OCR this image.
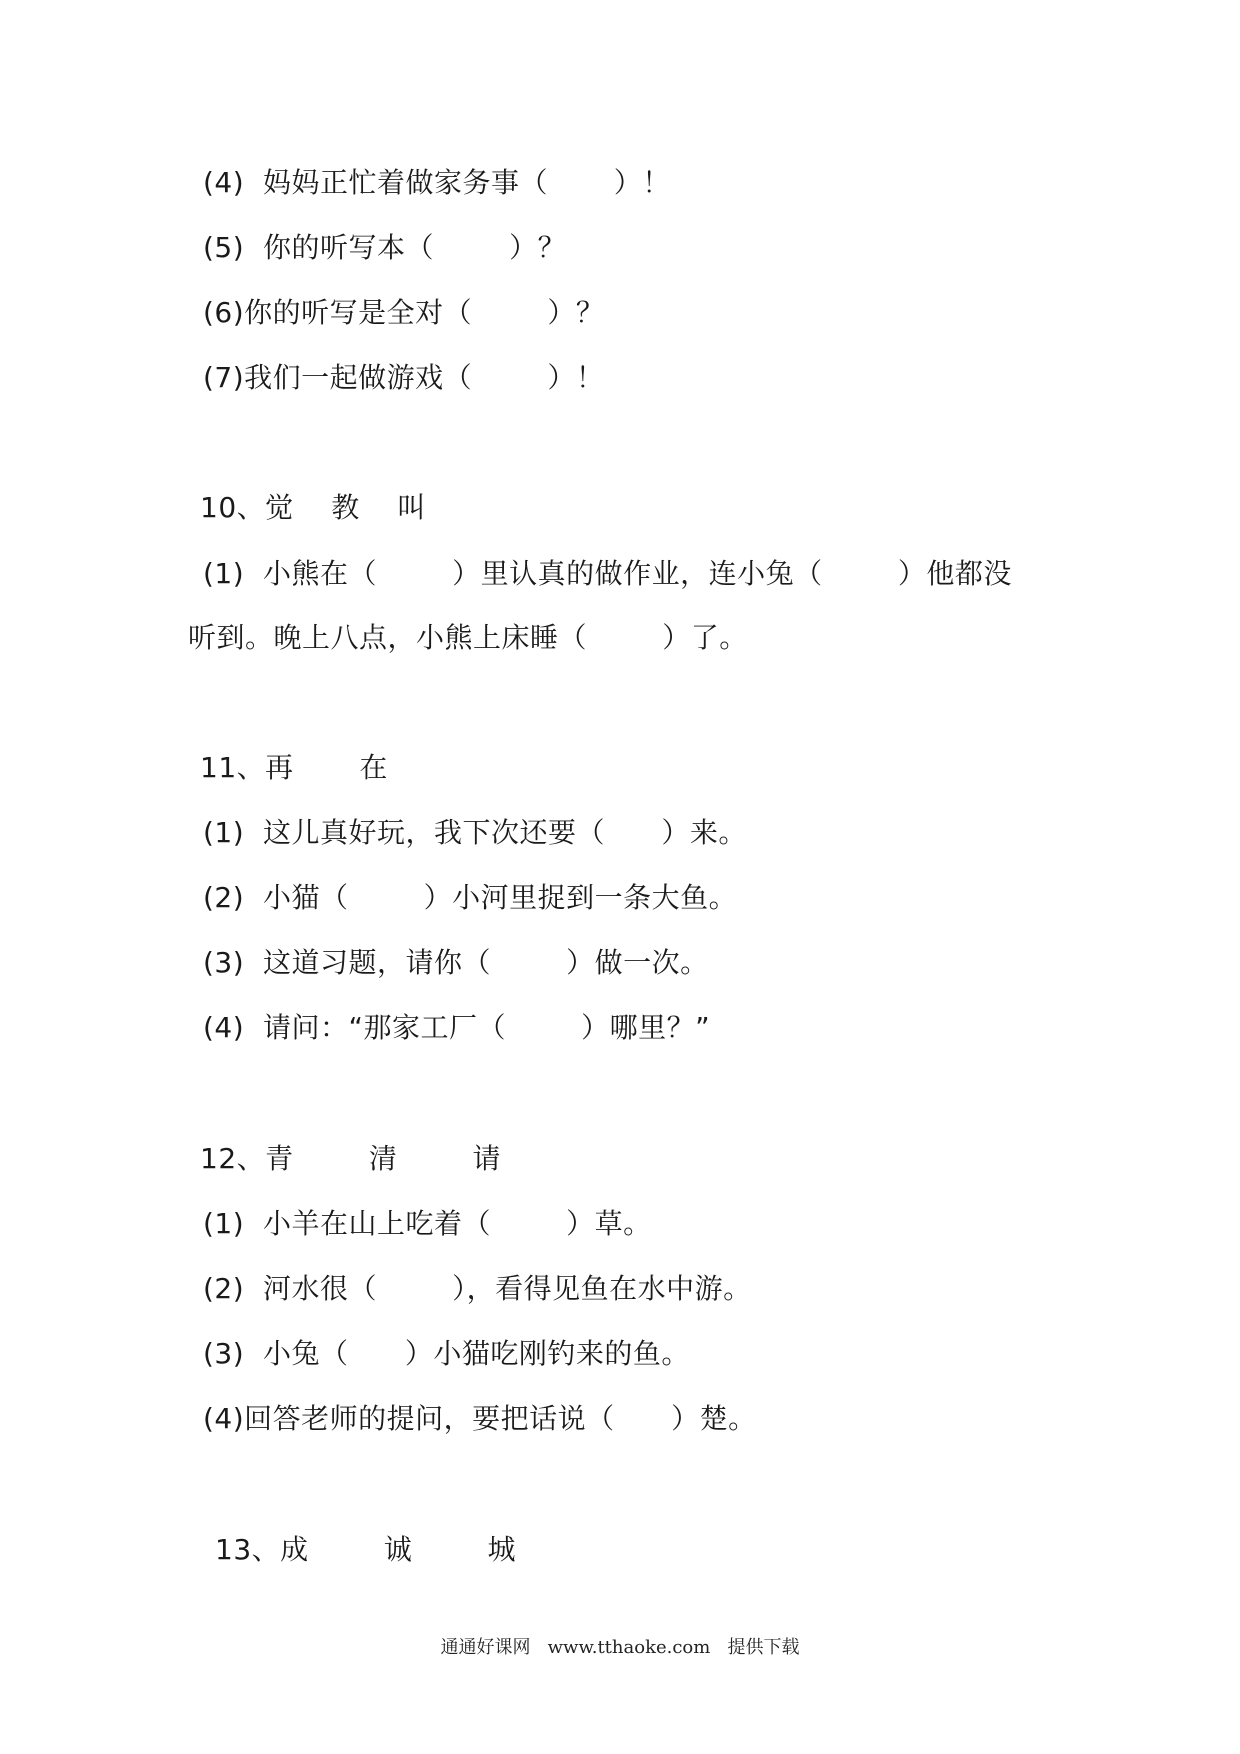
(4)  妈妈正忙着做家务事（       ）！
(5)  你的听写本（        ）？
(6)你的听写是全对（        ）？
(7)我们一起做游戏（        ）！
10、觉    教    叫
(1)  小熊在（        ）里认真的做作业，连小兔（        ）他都没
听到。晚上八点，小熊上床睡（        ）了。
11、再       在
(1)  这儿真好玩，我下次还要（      ）来。
(2)  小猫（        ）小河里捉到一条大鱼。
(3)  这道习题，请你（        ）做一次。
(4)  请问：“那家工厂（        ）哪里？”
12、青        清        请
(1)  小羊在山上吃着（        ）草。
(2)  河水很（        ），看得见鱼在水中游。
(3)  小兔（      ）小猫吃刚钓来的鱼。
(4)回答老师的提问，要把话说（      ）楚。
13、成        诚        城
通通好课网   www.tthaoke.com   提供下载
